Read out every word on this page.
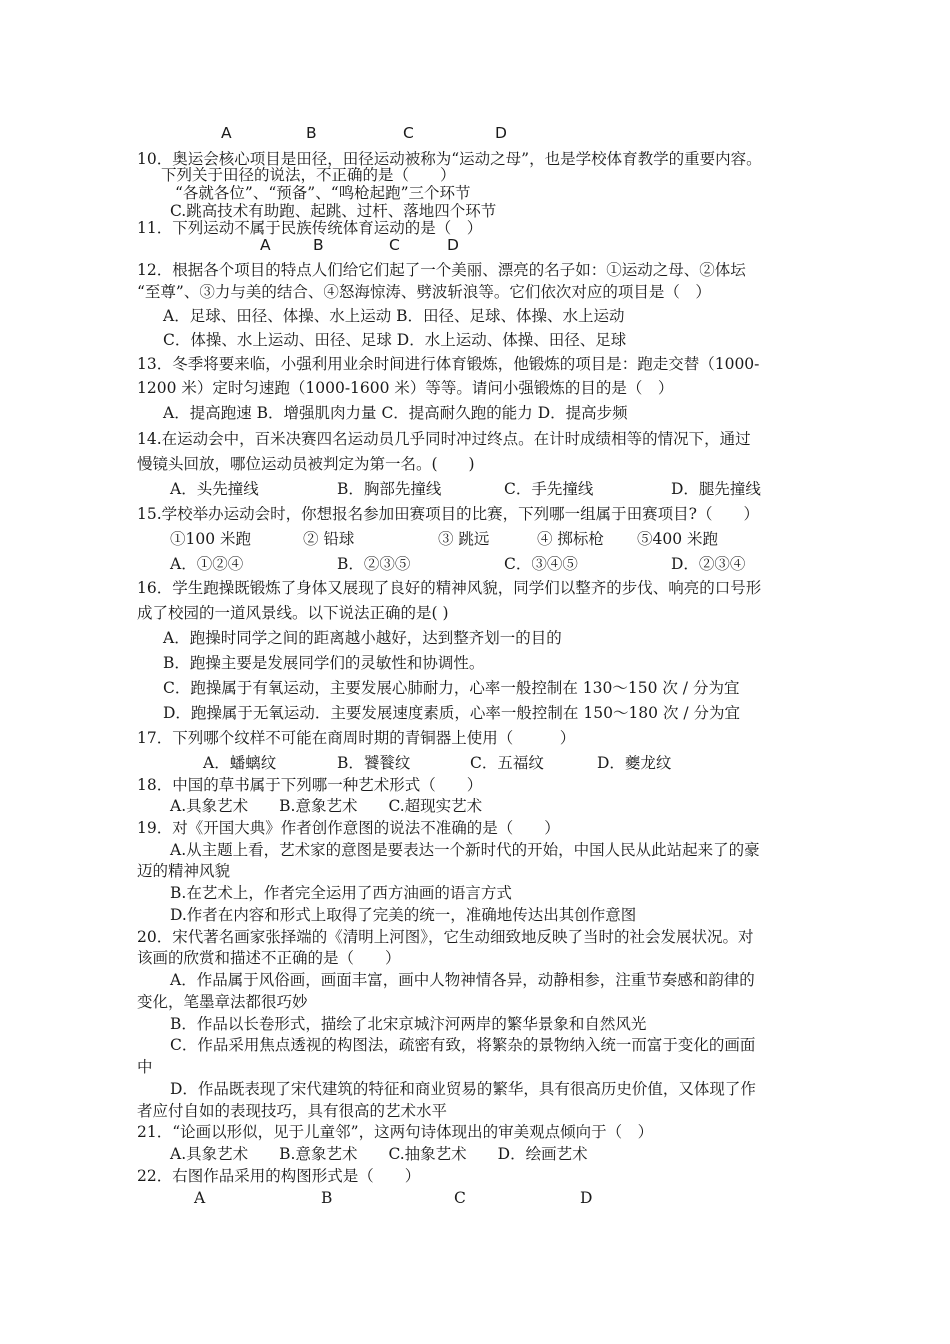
A	B	C	D
10．奥运会核心项目是田径，田径运动被称为“运动之母”，也是学校体育教学的重要内容。
下列关于田径的说法，不正确的是（　　）
“各就各位”、“预备”、“鸣枪起跑”三个环节
C.跳高技术有助跑、起跳、过杆、落地四个环节
11．下列运动不属于民族传统体育运动的是（　）
A	B	C	D
12．根据各个项目的特点人们给它们起了一个美丽、漂亮的名子如：①运动之母、②体坛
“至尊”、③力与美的结合、④怒海惊涛、劈波斩浪等。它们依次对应的项目是（　）
A．足球、田径、体操、水上运动 B．田径、足球、体操、水上运动
C．体操、水上运动、田径、足球 D．水上运动、体操、田径、足球
13．冬季将要来临，小强利用业余时间进行体育锻炼，他锻炼的项目是：跑走交替（1000-
1200 米）定时匀速跑（1000-1600 米）等等。请问小强锻炼的目的是（　）
A．提高跑速 B．增强肌肉力量 C．提高耐久跑的能力 D．提高步频
14.在运动会中，百米决赛四名运动员几乎同时冲过终点。在计时成绩相等的情况下，通过
慢镜头回放，哪位运动员被判定为第一名。(　　)
A．头先撞线	B．胸部先撞线	C．手先撞线	D．腿先撞线
15.学校举办运动会时，你想报名参加田赛项目的比赛，下列哪一组属于田赛项目?（　　）
①100 米跑	② 铅球	③ 跳远	④ 掷标枪 ⑤400 米跑
A．①②④	B．②③⑤	C．③④⑤	D．②③④
16．学生跑操既锻炼了身体又展现了良好的精神风貌，同学们以整齐的步伐、响亮的口号形
成了校园的一道风景线。以下说法正确的是( )
A．跑操时同学之间的距离越小越好，达到整齐划一的目的
B．跑操主要是发展同学们的灵敏性和协调性。
C．跑操属于有氧运动，主要发展心肺耐力，心率一般控制在 130～150 次 / 分为宜
D．跑操属于无氧运动．主要发展速度素质，心率一般控制在 150～180 次 / 分为宜
17．下列哪个纹样不可能在商周时期的青铜器上使用（　　　）
A．蟠螭纹	B．饕餮纹	C．五福纹	D．夔龙纹
18．中国的草书属于下列哪一种艺术形式（　　）
A.具象艺术　　B.意象艺术　　C.超现实艺术
19．对《开国大典》作者创作意图的说法不准确的是（　　）
A.从主题上看，艺术家的意图是要表达一个新时代的开始，中国人民从此站起来了的豪
迈的精神风貌
B.在艺术上，作者完全运用了西方油画的语言方式
D.作者在内容和形式上取得了完美的统一，准确地传达出其创作意图
20．宋代著名画家张择端的《清明上河图》，它生动细致地反映了当时的社会发展状况。对
该画的欣赏和描述不正确的是（　　）
A．作品属于风俗画，画面丰富，画中人物神情各异，动静相参，注重节奏感和韵律的
变化，笔墨章法都很巧妙
B．作品以长卷形式，描绘了北宋京城汴河两岸的繁华景象和自然风光
C．作品采用焦点透视的构图法，疏密有致，将繁杂的景物纳入统一而富于变化的画面
中
D．作品既表现了宋代建筑的特征和商业贸易的繁华，具有很高历史价值，又体现了作
者应付自如的表现技巧，具有很高的艺术水平
21．“论画以形似，见于儿童邻”，这两句诗体现出的审美观点倾向于（　）
A.具象艺术　　B.意象艺术　　C.抽象艺术　　D．绘画艺术
22．右图作品采用的构图形式是（　　）
A	B	C	D
